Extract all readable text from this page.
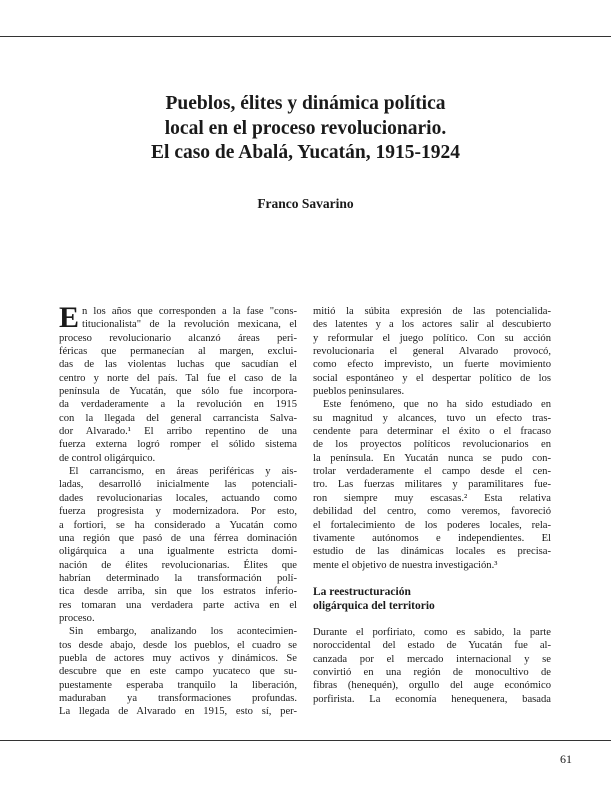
Pueblos, élites y dinámica política
local en el proceso revolucionario.
El caso de Abalá, Yucatán, 1915-1924

Franco Savarino

E n los años que corresponden a la fase "cons-
titucionalista" de la revolución mexicana, el
proceso revolucionario alcanzó áreas peri-
féricas que permanecían al margen, exclui-
das de las violentas luchas que sacudían el
centro y norte del país. Tal fue el caso de la
península de Yucatán, que sólo fue incorpora-
da verdaderamente a la revolución en 1915
con la llegada del general carrancista Salva-
dor Alvarado.¹ El arribo repentino de una
fuerza externa logró romper el sólido sistema
de control oligárquico.
El carrancismo, en áreas periféricas y ais-
ladas, desarrolló inicialmente las potenciali-
dades revolucionarias locales, actuando como
fuerza progresista y modernizadora. Por esto,
a fortiori, se ha considerado a Yucatán como
una región que pasó de una férrea dominación
oligárquica a una igualmente estricta domi-
nación de élites revolucionarias. Élites que
habrían determinado la transformación polí-
tica desde arriba, sin que los estratos inferio-
res tomaran una verdadera parte activa en el
proceso.
Sin embargo, analizando los acontecimien-
tos desde abajo, desde los pueblos, el cuadro se
puebla de actores muy activos y dinámicos. Se
descubre que en este campo yucateco que su-
puestamente esperaba tranquilo la liberación,
maduraban ya transformaciones profundas.
La llegada de Alvarado en 1915, esto sí, per-
mitió la súbita expresión de las potencialida-
des latentes y a los actores salir al descubierto
y reformular el juego político. Con su acción
revolucionaria el general Alvarado provocó,
como efecto imprevisto, un fuerte movimiento
social espontáneo y el despertar político de los
pueblos peninsulares.
Este fenómeno, que no ha sido estudiado en
su magnitud y alcances, tuvo un efecto tras-
cendente para determinar el éxito o el fracaso
de los proyectos políticos revolucionarios en
la península. En Yucatán nunca se pudo con-
trolar verdaderamente el campo desde el cen-
tro. Las fuerzas militares y paramilitares fue-
ron siempre muy escasas.² Esta relativa
debilidad del centro, como veremos, favoreció
el fortalecimiento de los poderes locales, rela-
tivamente autónomos e independientes. El
estudio de las dinámicas locales es precisa-
mente el objetivo de nuestra investigación.³
La reestructuración
oligárquica del territorio
Durante el porfiriato, como es sabido, la parte
noroccidental del estado de Yucatán fue al-
canzada por el mercado internacional y se
convirtió en una región de monocultivo de
fibras (henequén), orgullo del auge económico
porfirista. La economía henequenera, basada
61
